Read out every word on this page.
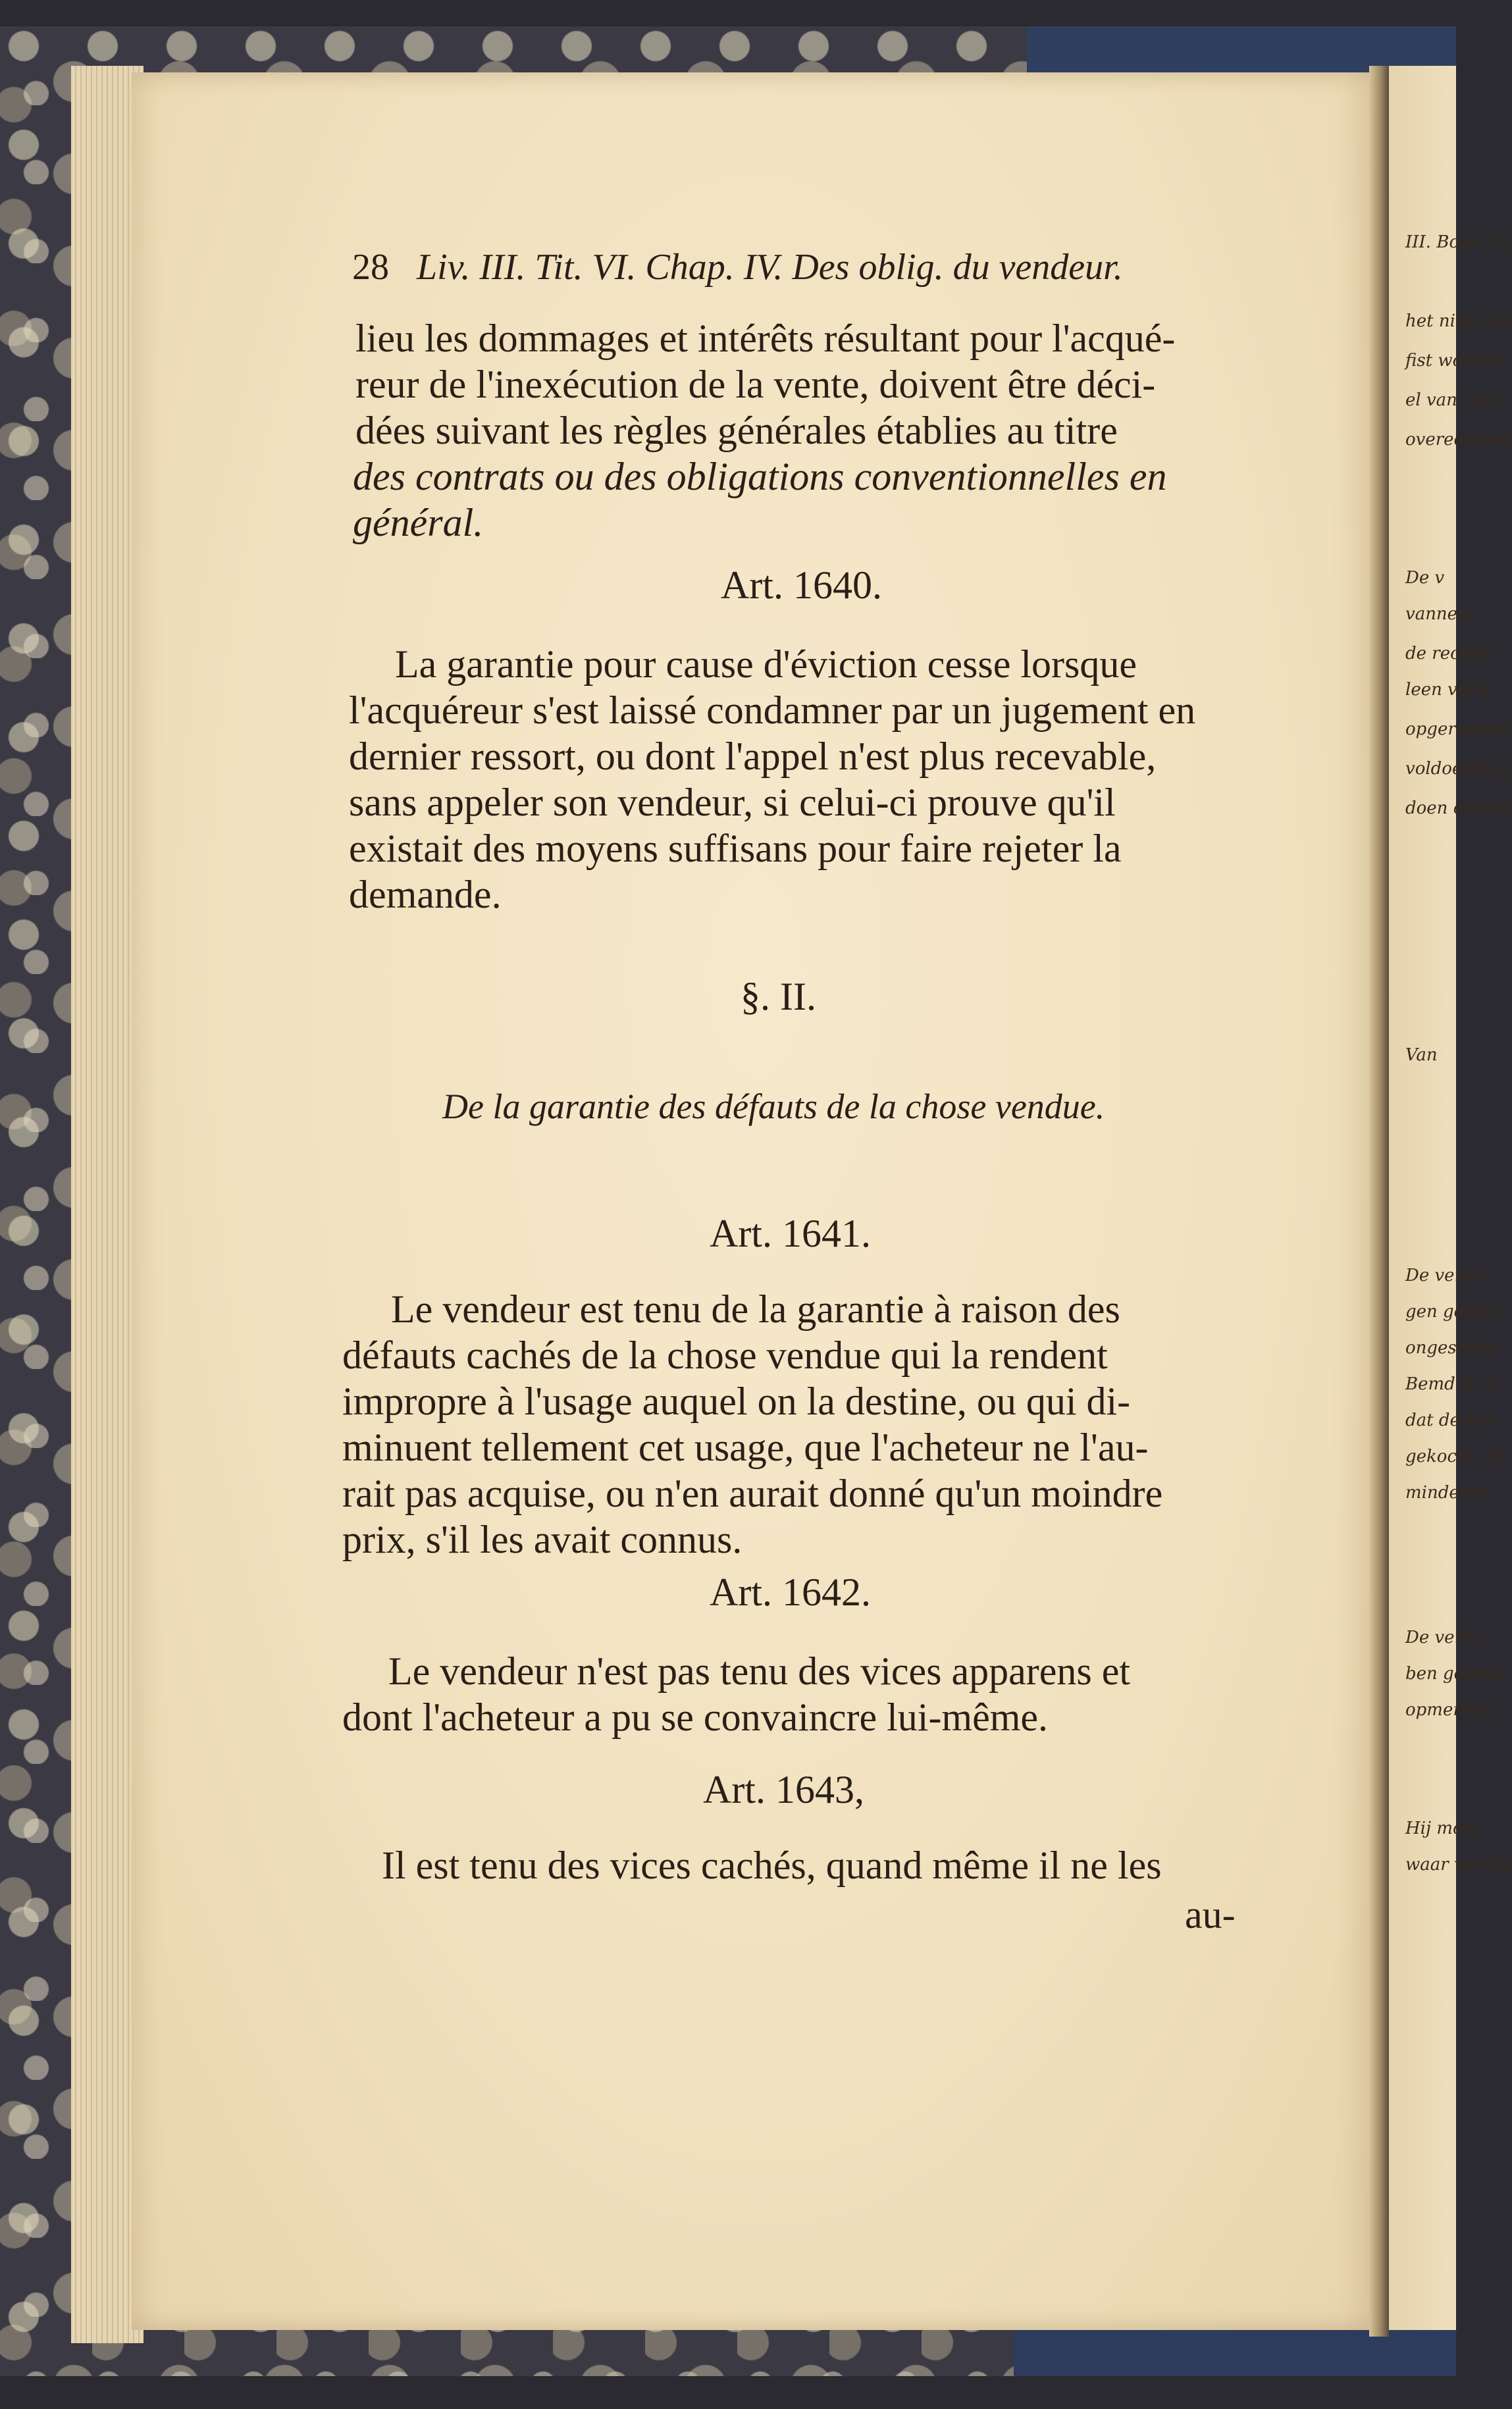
28 Liv. III. Tit. VI. Chap. IV. Des oblig. du vendeur.
lieu les dommages et intérêts résultant pour l'acqué-
reur de l'inexécution de la vente, doivent être déci-
dées suivant les règles générales établies au titre
des contrats ou des obligations conventionnelles en
général.
Art. 1640.
La garantie pour cause d'éviction cesse lorsque
l'acquéreur s'est laissé condamner par un jugement en
dernier ressort, ou dont l'appel n'est plus recevable,
sans appeler son vendeur, si celui-ci prouve qu'il
existait des moyens suffisans pour faire rejeter la
demande.
§. II.
De la garantie des défauts de la chose vendue.
Art. 1641.
Le vendeur est tenu de la garantie à raison des
défauts cachés de la chose vendue qui la rendent
impropre à l'usage auquel on la destine, ou qui di-
minuent tellement cet usage, que l'acheteur ne l'au-
rait pas acquise, ou n'en aurait donné qu'un moindre
prix, s'il les avait connus.
Art. 1642.
Le vendeur n'est pas tenu des vices apparens et
dont l'acheteur a pu se convaincre lui-même.
Art. 1643,
Il est tenu des vices cachés, quand même il ne les
au-
III. Boek, VI
het niet vols
fist worden
el van cont
overeenkom
De v
vanneer
de rechter
leen verw
opgeroepen
voldoende g
doen ontzeg
Van
De verko
gen gebrel
ongeschikt
Bemd is, o
dat de koo
gekocht, of
minderen
De verko
ben gebrek
opmerken.
Hij moet
waar van hij
